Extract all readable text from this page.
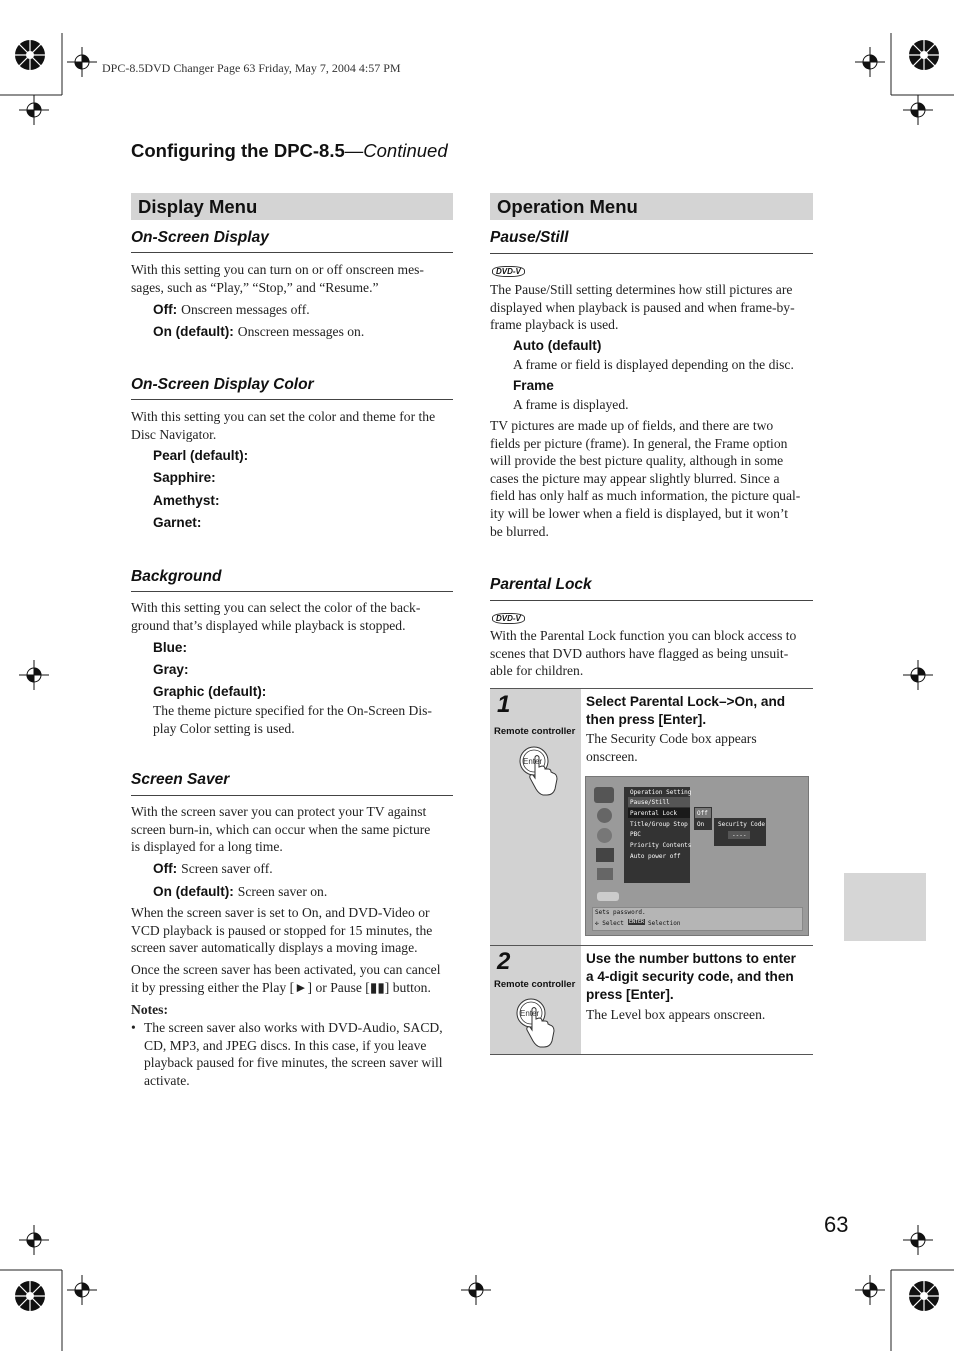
DPC-8.5DVD Changer Page 63 Friday, May 7, 2004 4:57 PM
Configuring the DPC-8.5—Continued
63
Display Menu
On-Screen Display
With this setting you can turn on or off onscreen mes-
sages, such as “Play,” “Stop,” and “Resume.”
Off: Onscreen messages off.
On (default): Onscreen messages on.
On-Screen Display Color
With this setting you can set the color and theme for the
Disc Navigator.
Pearl (default):
Sapphire:
Amethyst:
Garnet:
Background
With this setting you can select the color of the back-
ground that’s displayed while playback is stopped.
Blue:
Gray:
Graphic (default):
The theme picture specified for the On-Screen Dis-
play Color setting is used.
Screen Saver
With the screen saver you can protect your TV against
screen burn-in, which can occur when the same picture
is displayed for a long time.
Off: Screen saver off.
On (default): Screen saver on.
When the screen saver is set to On, and DVD-Video or
VCD playback is paused or stopped for 15 minutes, the
screen saver automatically displays a moving image.
Once the screen saver has been activated, you can cancel
it by pressing either the Play [►] or Pause [▮▮] button.
Notes:
• The screen saver also works with DVD-Audio, SACD,
CD, MP3, and JPEG discs. In this case, if you leave
playback paused for five minutes, the screen saver will
activate.
Operation Menu
Pause/Still
DVD-V
The Pause/Still setting determines how still pictures are
displayed when playback is paused and when frame-by-
frame playback is used.
Auto (default)
A frame or field is displayed depending on the disc.
Frame
A frame is displayed.
TV pictures are made up of fields, and there are two
fields per picture (frame). In general, the Frame option
will provide the best picture quality, although in some
cases the picture may appear slightly blurred. Since a
field has only half as much information, the picture qual-
ity will be lower when a field is displayed, but it won’t
be blurred.
Parental Lock
DVD-V
With the Parental Lock function you can block access to
scenes that DVD authors have flagged as being unsuit-
able for children.
1
Remote controller
Enter
Select Parental Lock–>On, and
then press [Enter].
The Security Code box appears
onscreen.
Operation Setting
Pause/Still
Parental Lock
Title/Group Stop
PBC
Priority Contents
Auto power off
Off
On Security Code
----
Sets password.
✣ Select ENTER Selection
2
Remote controller
Enter
Use the number buttons to enter
a 4-digit security code, and then
press [Enter].
The Level box appears onscreen.
